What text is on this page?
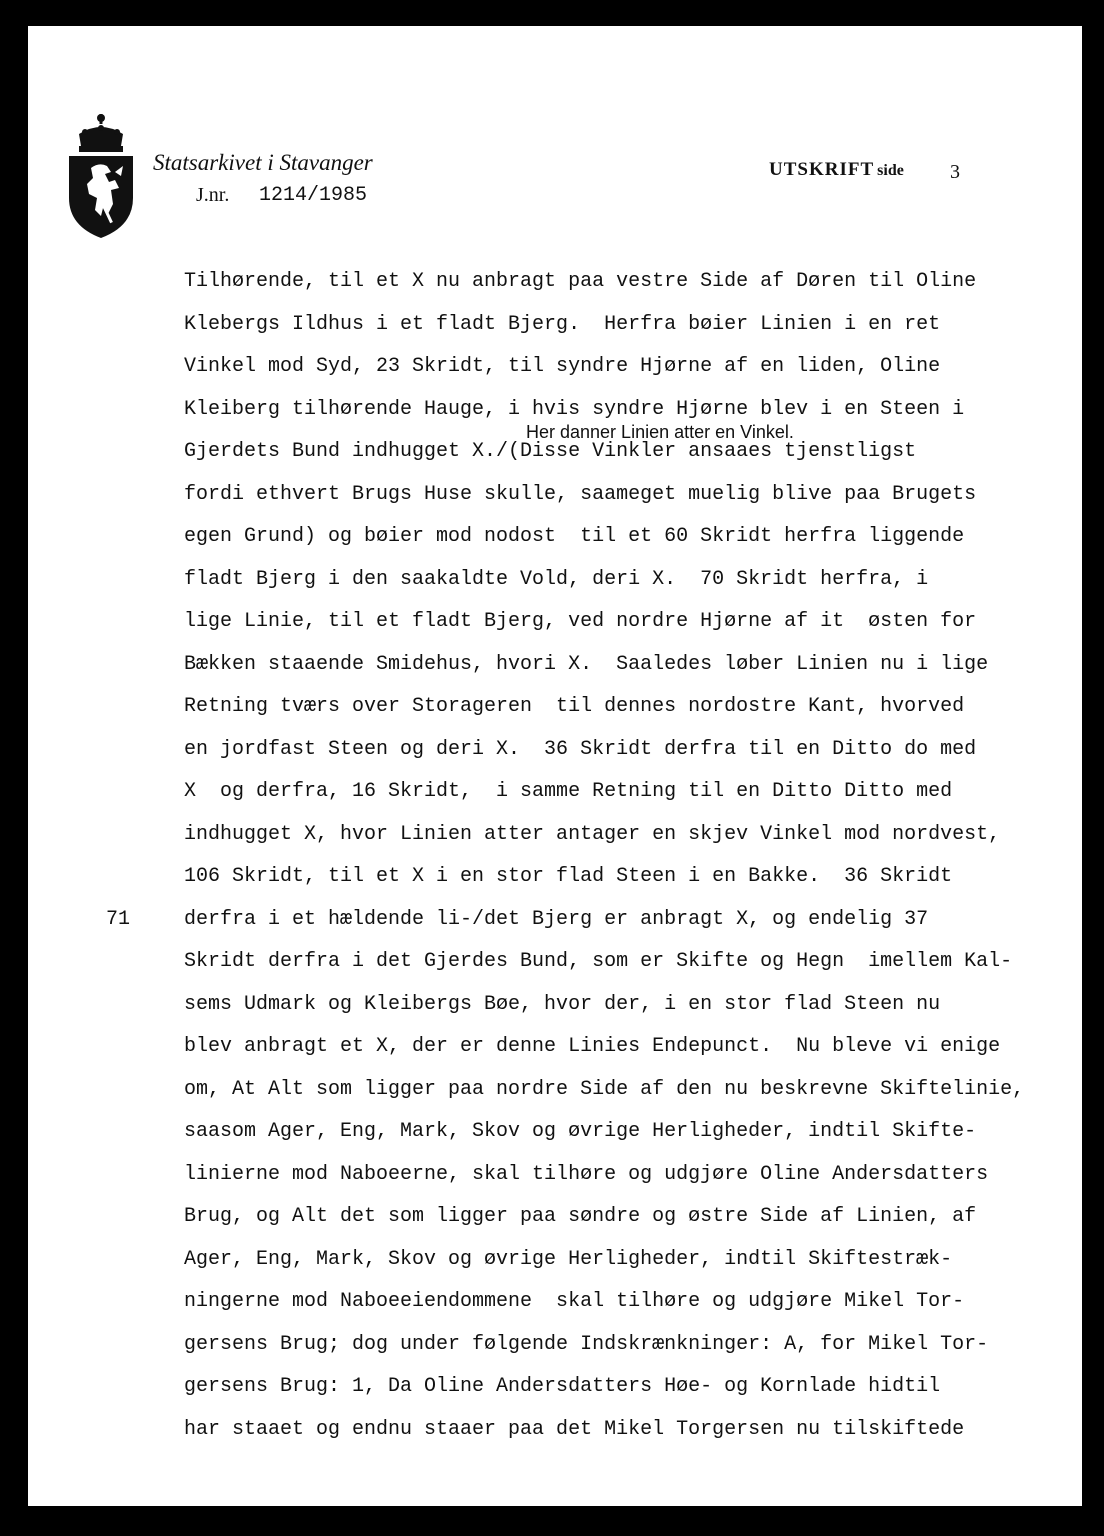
Statsarkivet i Stavanger
J.nr. 1214/1985
UTSKRIFT side 3
Her danner Linien atter en Vinkel.
71
Tilhørende, til et X nu anbragt paa vestre Side af Døren til Oline
Klebergs Ildhus i et fladt Bjerg.  Herfra bøier Linien i en ret
Vinkel mod Syd, 23 Skridt, til syndre Hjørne af en liden, Oline
Kleiberg tilhørende Hauge, i hvis syndre Hjørne blev i en Steen i
Gjerdets Bund indhugget X./(Disse Vinkler ansaaes tjenstligst
fordi ethvert Brugs Huse skulle, saameget muelig blive paa Brugets
egen Grund) og bøier mod nodost  til et 60 Skridt herfra liggende
fladt Bjerg i den saakaldte Vold, deri X.  70 Skridt herfra, i
lige Linie, til et fladt Bjerg, ved nordre Hjørne af it  østen for
Bækken staaende Smidehus, hvori X.  Saaledes løber Linien nu i lige
Retning tværs over Storageren  til dennes nordostre Kant, hvorved
en jordfast Steen og deri X.  36 Skridt derfra til en Ditto do med
X  og derfra, 16 Skridt,  i samme Retning til en Ditto Ditto med
indhugget X, hvor Linien atter antager en skjev Vinkel mod nordvest,
106 Skridt, til et X i en stor flad Steen i en Bakke.  36 Skridt
derfra i et hældende li-/det Bjerg er anbragt X, og endelig 37
Skridt derfra i det Gjerdes Bund, som er Skifte og Hegn  imellem Kal-
sems Udmark og Kleibergs Bøe, hvor der, i en stor flad Steen nu
blev anbragt et X, der er denne Linies Endepunct.  Nu bleve vi enige
om, At Alt som ligger paa nordre Side af den nu beskrevne Skiftelinie,
saasom Ager, Eng, Mark, Skov og øvrige Herligheder, indtil Skifte-
linierne mod Naboeerne, skal tilhøre og udgjøre Oline Andersdatters
Brug, og Alt det som ligger paa søndre og østre Side af Linien, af
Ager, Eng, Mark, Skov og øvrige Herligheder, indtil Skiftestræk-
ningerne mod Naboeeiendommene  skal tilhøre og udgjøre Mikel Tor-
gersens Brug; dog under følgende Indskrænkninger: A, for Mikel Tor-
gersens Brug: 1, Da Oline Andersdatters Høe- og Kornlade hidtil
har staaet og endnu staaer paa det Mikel Torgersen nu tilskiftede
